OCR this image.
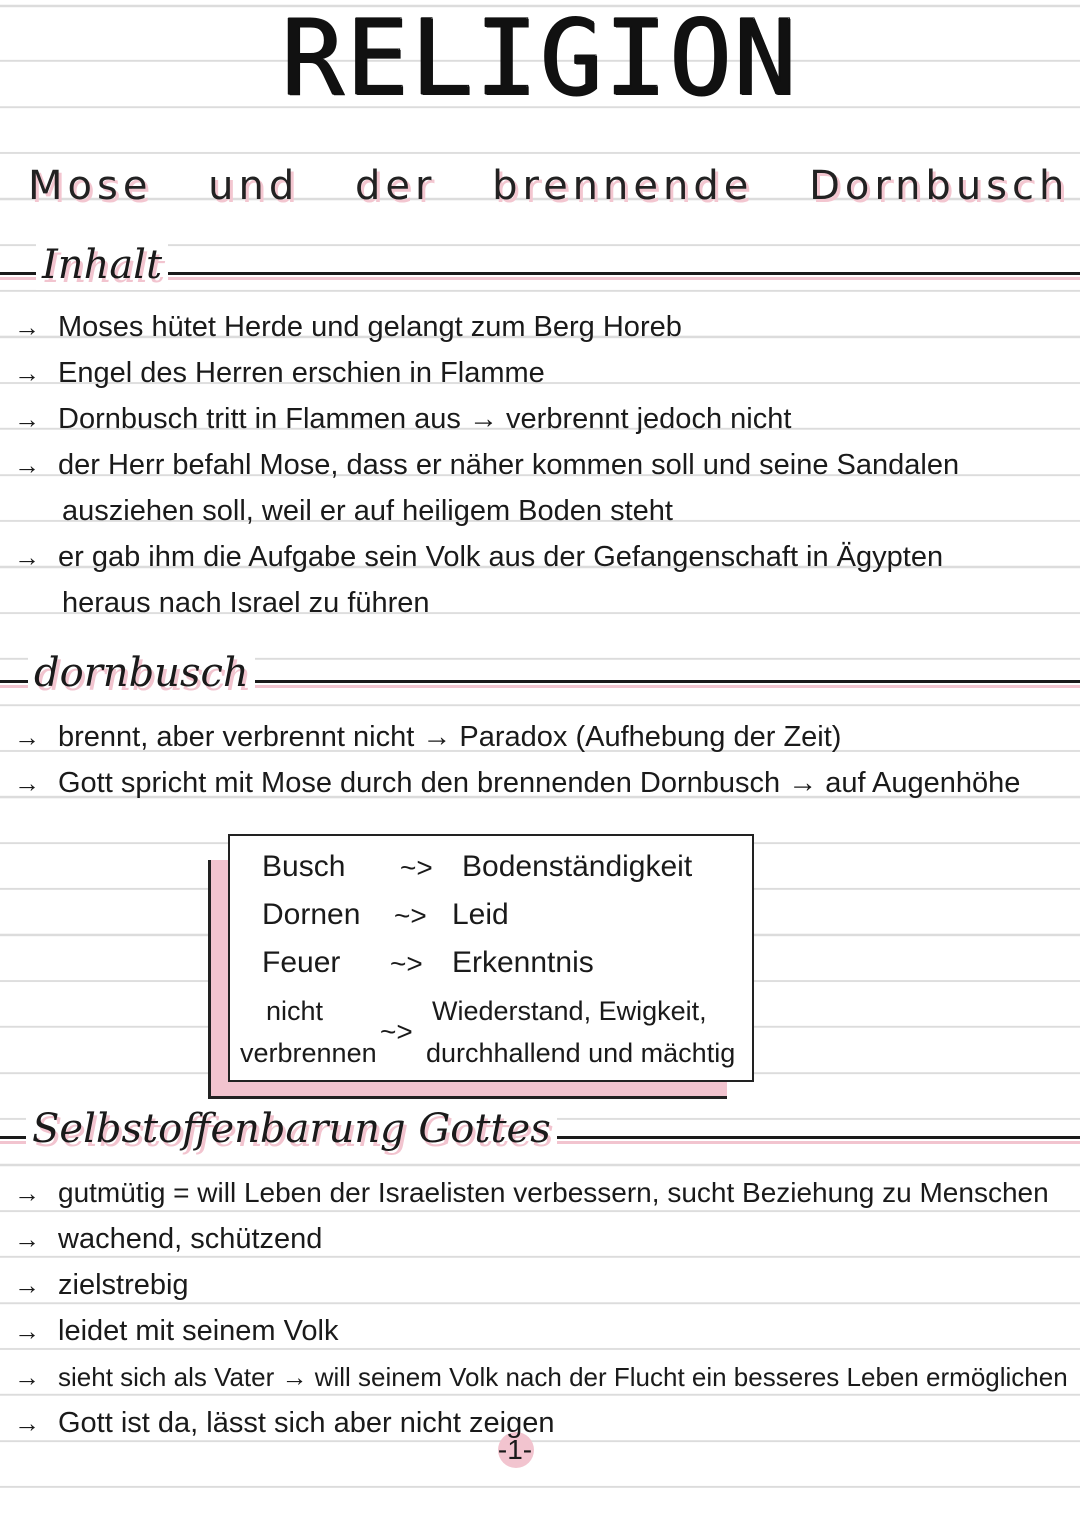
RELIGION
Mose und der brennende Dornbusch
Inhalt
→ Moses hütet Herde und gelangt zum Berg Horeb
→ Engel des Herren erschien in Flamme
→ Dornbusch tritt in Flammen aus → verbrennt jedoch nicht
→ der Herr befahl Mose, dass er näher kommen soll und seine Sandalen
ausziehen soll, weil er auf heiligem Boden steht
→ er gab ihm die Aufgabe sein Volk aus der Gefangenschaft in Ägypten
heraus nach Israel zu führen
dornbusch
→ brennt, aber verbrennt nicht → Paradox (Aufhebung der Zeit)
→ Gott spricht mit Mose durch den brennenden Dornbusch → auf Augenhöhe
Busch ~> Bodenständigkeit
Dornen ~> Leid
Feuer ~> Erkenntnis
nicht
verbrennen
~>
Wiederstand, Ewigkeit,
durchhallend und mächtig
Selbstoffenbarung Gottes
→ gutmütig = will Leben der Israelisten verbessern, sucht Beziehung zu Menschen
→ wachend, schützend
→ zielstrebig
→ leidet mit seinem Volk
→ sieht sich als Vater → will seinem Volk nach der Flucht ein besseres Leben ermöglichen
→ Gott ist da, lässt sich aber nicht zeigen
-1-
